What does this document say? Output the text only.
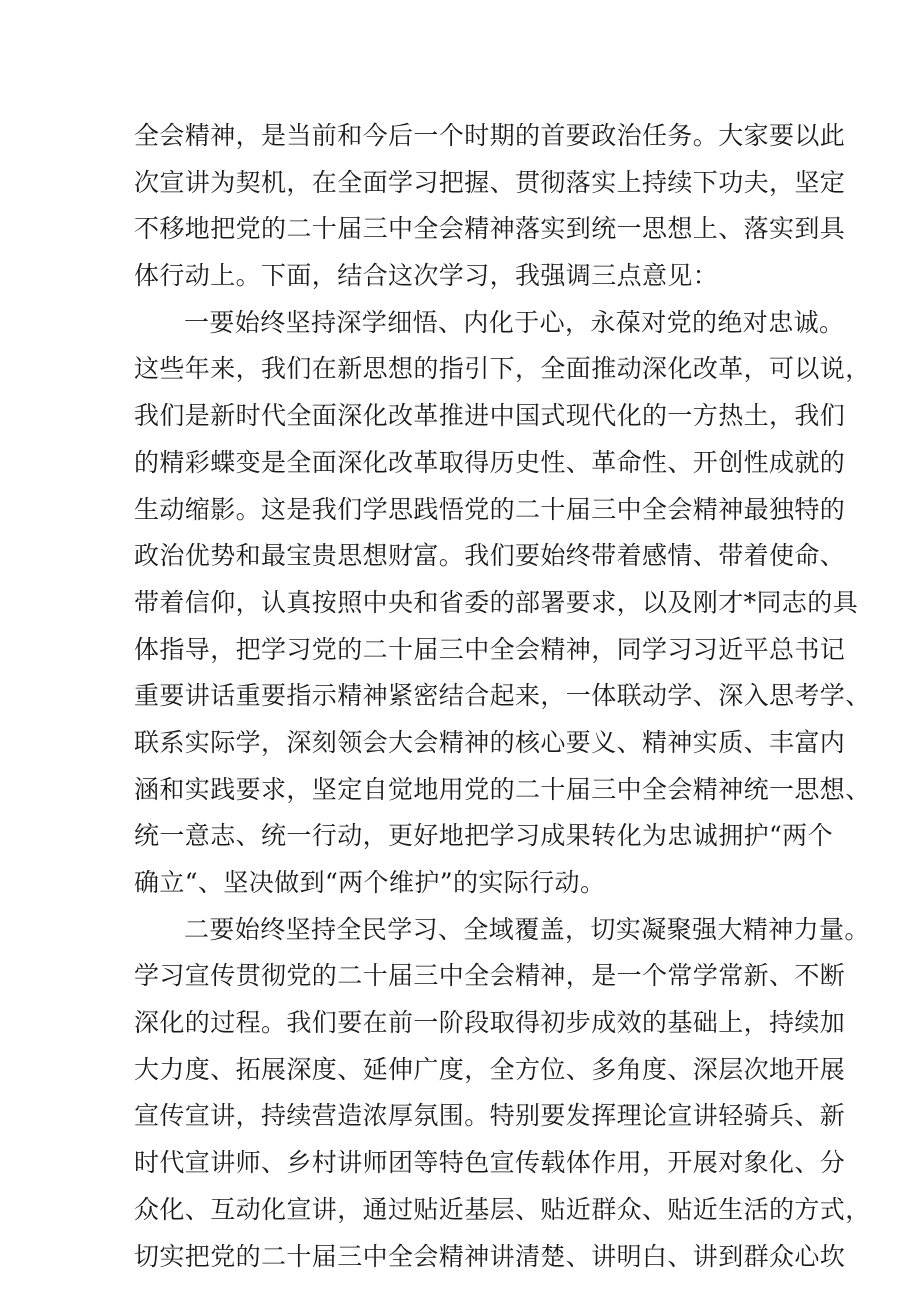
全会精神，是当前和今后一个时期的首要政治任务。大家要以此
次宣讲为契机，在全面学习把握、贯彻落实上持续下功夫，坚定
不移地把党的二十届三中全会精神落实到统一思想上、落实到具
体行动上。下面，结合这次学习，我强调三点意见：
一要始终坚持深学细悟、内化于心，永葆对党的绝对忠诚。
这些年来，我们在新思想的指引下，全面推动深化改革，可以说，
我们是新时代全面深化改革推进中国式现代化的一方热土，我们
的精彩蝶变是全面深化改革取得历史性、革命性、开创性成就的
生动缩影。这是我们学思践悟党的二十届三中全会精神最独特的
政治优势和最宝贵思想财富。我们要始终带着感情、带着使命、
带着信仰，认真按照中央和省委的部署要求，以及刚才*同志的具
体指导，把学习党的二十届三中全会精神，同学习习近平总书记
重要讲话重要指示精神紧密结合起来，一体联动学、深入思考学、
联系实际学，深刻领会大会精神的核心要义、精神实质、丰富内
涵和实践要求，坚定自觉地用党的二十届三中全会精神统一思想、
统一意志、统一行动，更好地把学习成果转化为忠诚拥护“两个
确立“、坚决做到“两个维护”的实际行动。
二要始终坚持全民学习、全域覆盖，切实凝聚强大精神力量。
学习宣传贯彻党的二十届三中全会精神，是一个常学常新、不断
深化的过程。我们要在前一阶段取得初步成效的基础上，持续加
大力度、拓展深度、延伸广度，全方位、多角度、深层次地开展
宣传宣讲，持续营造浓厚氛围。特别要发挥理论宣讲轻骑兵、新
时代宣讲师、乡村讲师团等特色宣传载体作用，开展对象化、分
众化、互动化宣讲，通过贴近基层、贴近群众、贴近生活的方式，
切实把党的二十届三中全会精神讲清楚、讲明白、讲到群众心坎
